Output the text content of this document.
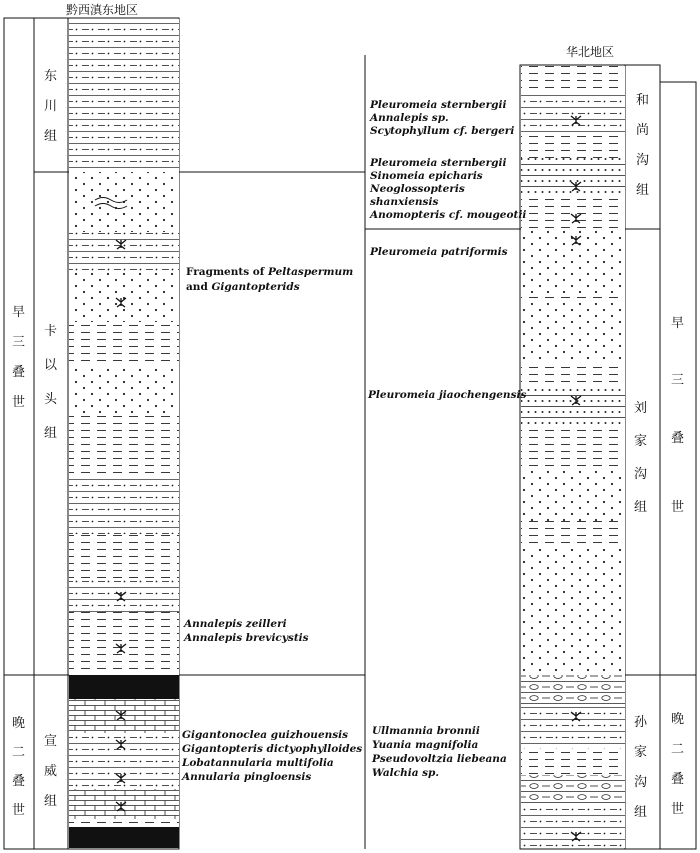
黔西滇东地区
早
三
叠
世
晚
二
叠
世
东
川
组
卡
以
头
组
宣
威
组
Fragments of Peltaspermum
and Gigantopterids
Annalepis zeilleri
Annalepis brevicystis
Gigantonoclea guizhouensis
Gigantopteris dictyophylloides
Lobatannularia multifolia
Annularia pingloensis
华北地区
和
尚
沟
组
刘
家
沟
组
孙
家
沟
组
早
三
叠
世
晚
二
叠
世
Pleuromeia sternbergii
Annalepis sp.
Scytophyllum cf. bergeri
Pleuromeia sternbergii
Sinomeia epicharis
Neoglossopteris
shanxiensis
Anomopteris cf. mougeotii
Pleuromeia patriformis
Pleuromeia jiaochengensis
Ullmannia bronnii
Yuania magnifolia
Pseudovoltzia liebeana
Walchia sp.
